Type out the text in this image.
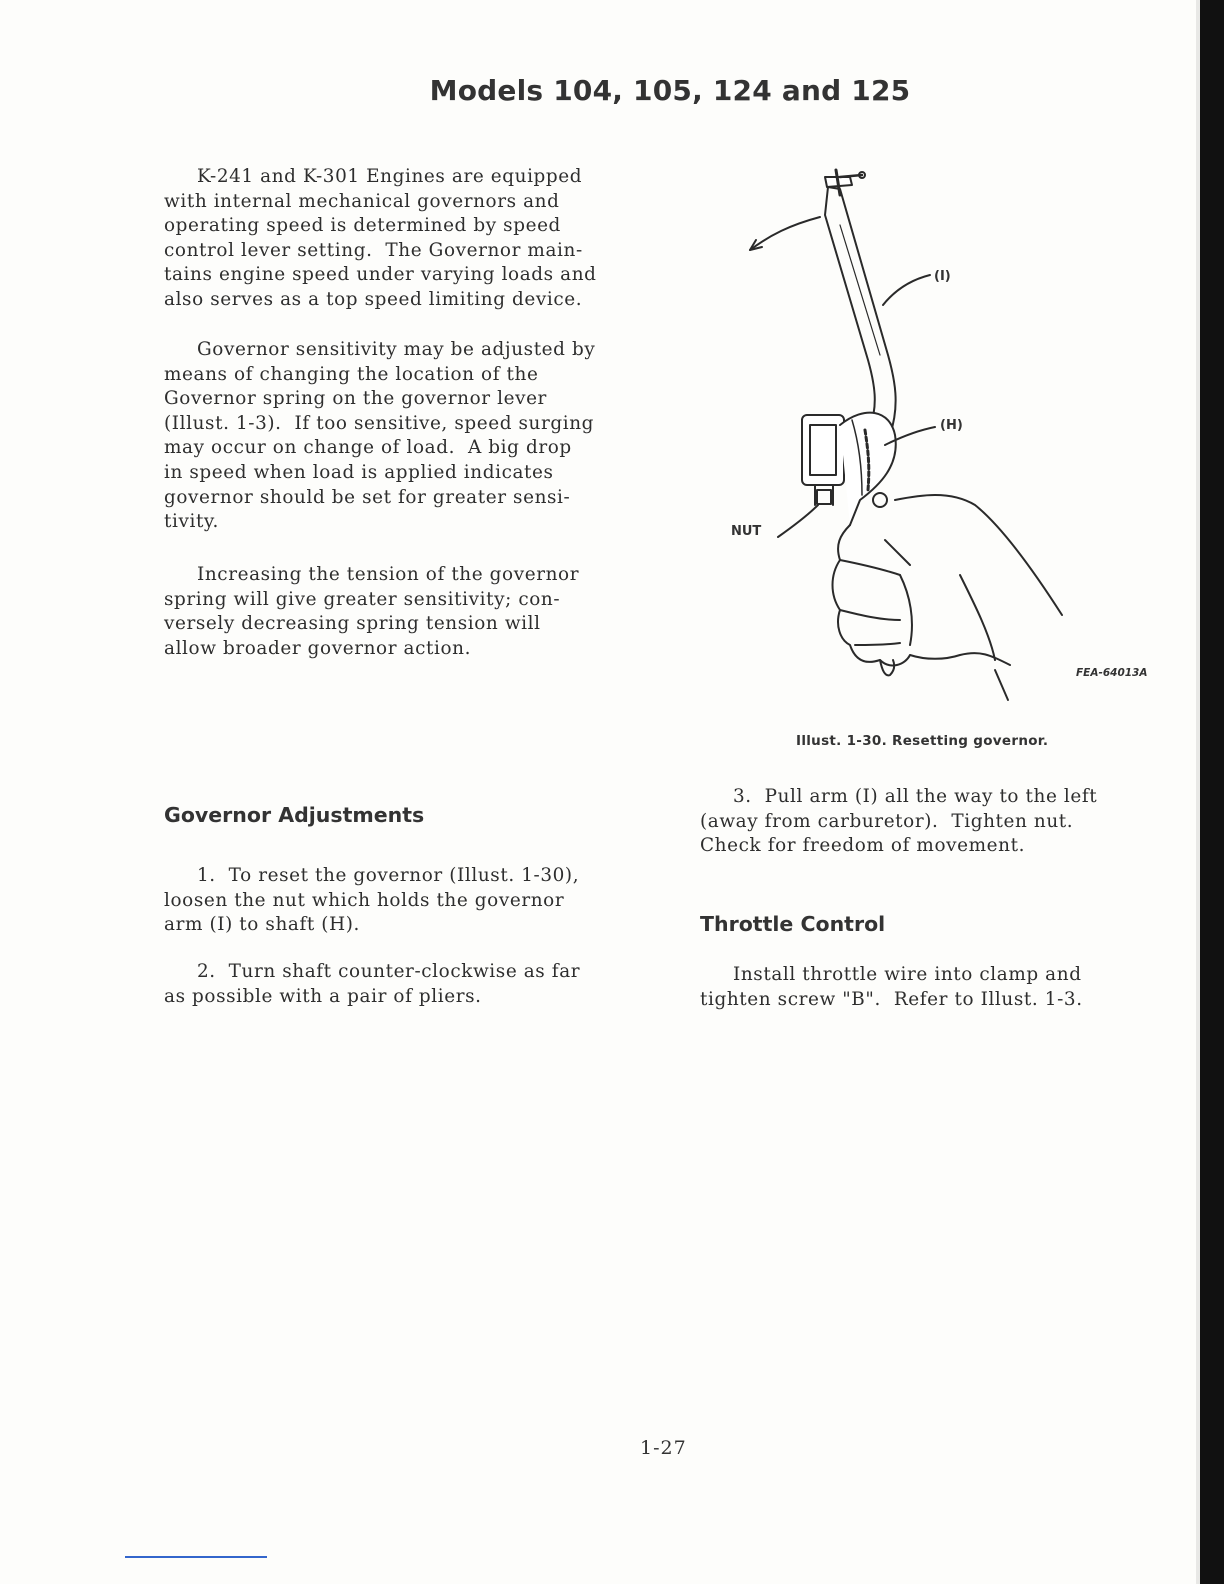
Models 104, 105, 124 and 125
K-241 and K-301 Engines are equipped
with internal mechanical governors and
operating speed is determined by speed
control lever setting.  The Governor main-
tains engine speed under varying loads and
also serves as a top speed limiting device.
Governor sensitivity may be adjusted by
means of changing the location of the
Governor spring on the governor lever
(Illust. 1-3).  If too sensitive, speed surging
may occur on change of load.  A big drop
in speed when load is applied indicates
governor should be set for greater sensi-
tivity.
Increasing the tension of the governor
spring will give greater sensitivity; con-
versely decreasing spring tension will
allow broader governor action.
Governor Adjustments
1.  To reset the governor (Illust. 1-30),
loosen the nut which holds the governor
arm (I) to shaft (H).
2.  Turn shaft counter-clockwise as far
as possible with a pair of pliers.
(I)
(H)
NUT
FEA-64013A
Illust. 1-30. Resetting governor.
3.  Pull arm (I) all the way to the left
(away from carburetor).  Tighten nut.
Check for freedom of movement.
Throttle Control
Install throttle wire into clamp and
tighten screw "B".  Refer to Illust. 1-3.
1-27
